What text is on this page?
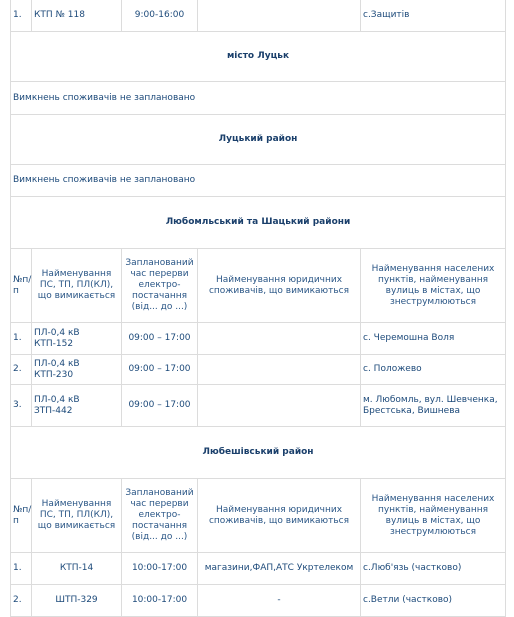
1.	КТП № 118	9:00-16:00		с.Защитів
місто Луцьк				
Вимкнень споживачів не заплановано				
Луцький район				
Вимкнень споживачів не заплановано				
Любомльський та Шацький райони				
№п/п	Найменування ПС, ТП, ПЛ(КЛ), що вимикається	Запланований час перерви електро-постачання (від... до ...)	Найменування юридичних споживачів, що вимикаються	Найменування населених пунктів, найменування вулиць в містах, що знеструмлюються
1.	ПЛ-0,4 кВ КТП-152	09:00 – 17:00		с. Черемошна Воля
2.	ПЛ-0,4 кВ КТП-230	09:00 – 17:00		с. Положево
3.	ПЛ-0,4 кВ ЗТП-442	09:00 – 17:00		м. Любомль, вул. Шевченка, Брестська, Вишнева
Любешівський район				
№п/п	Найменування ПС, ТП, ПЛ(КЛ), що вимикається	Запланований час перерви електро-постачання (від... до ...)	Найменування юридичних споживачів, що вимикаються	Найменування населених пунктів, найменування вулиць в містах, що знеструмлюються
1.	КТП-14	10:00-17:00	магазини,ФАП,АТС Укртелеком	с.Люб'язь (частково)
2.	ШТП-329	10:00-17:00	-	с.Ветли (частково)
